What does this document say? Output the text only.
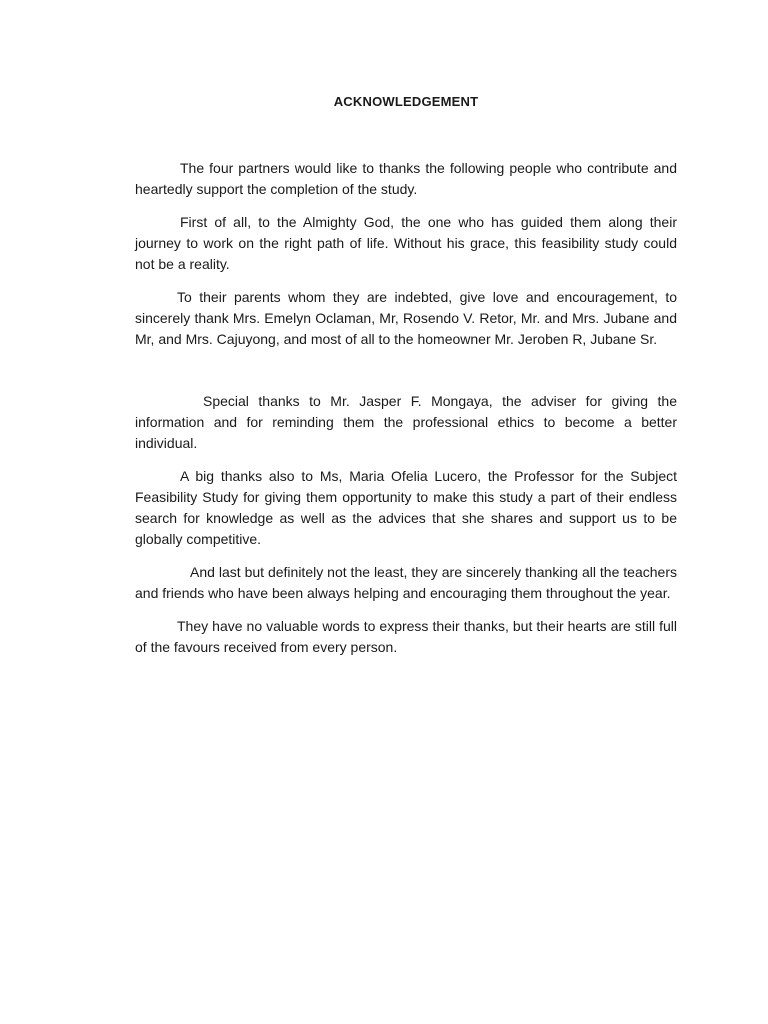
ACKNOWLEDGEMENT

The four partners would like to thanks the following people who contribute and heartedly support the completion of the study.

First of all, to the Almighty God, the one who has guided them along their journey to work on the right path of life. Without his grace, this feasibility study could not be a reality.

To their parents whom they are indebted, give love and encouragement, to sincerely thank Mrs. Emelyn Oclaman, Mr, Rosendo V. Retor, Mr. and Mrs. Jubane and Mr, and Mrs. Cajuyong, and most of all to the homeowner Mr. Jeroben R, Jubane Sr.

Special thanks to Mr. Jasper F. Mongaya, the adviser for giving the information and for reminding them the professional ethics to become a better individual.

A big thanks also to Ms, Maria Ofelia Lucero, the Professor for the Subject Feasibility Study for giving them opportunity to make this study a part of their endless search for knowledge as well as the advices that she shares and support us to be globally competitive.

And last but definitely not the least, they are sincerely thanking all the teachers and friends who have been always helping and encouraging them throughout the year.

They have no valuable words to express their thanks, but their hearts are still full of the favours received from every person.
